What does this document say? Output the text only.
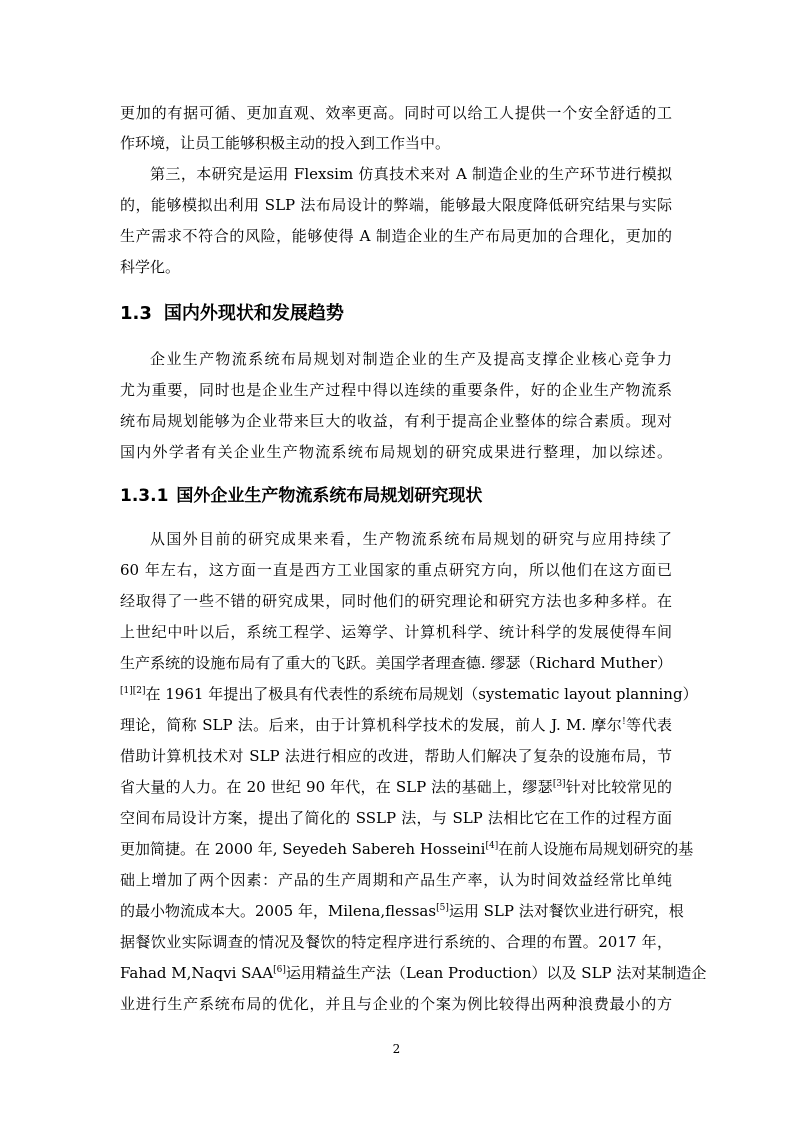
更加的有据可循、更加直观、效率更高。同时可以给工人提供一个安全舒适的工
作环境，让员工能够积极主动的投入到工作当中。
第三，本研究是运用 Flexsim 仿真技术来对 A 制造企业的生产环节进行模拟
的，能够模拟出利用 SLP 法布局设计的弊端，能够最大限度降低研究结果与实际
生产需求不符合的风险，能够使得 A 制造企业的生产布局更加的合理化，更加的
科学化。
1.3 国内外现状和发展趋势
企业生产物流系统布局规划对制造企业的生产及提高支撑企业核心竞争力
尤为重要，同时也是企业生产过程中得以连续的重要条件，好的企业生产物流系
统布局规划能够为企业带来巨大的收益，有利于提高企业整体的综合素质。现对
国内外学者有关企业生产物流系统布局规划的研究成果进行整理，加以综述。
1.3.1 国外企业生产物流系统布局规划研究现状
从国外目前的研究成果来看，生产物流系统布局规划的研究与应用持续了
60 年左右，这方面一直是西方工业国家的重点研究方向，所以他们在这方面已
经取得了一些不错的研究成果，同时他们的研究理论和研究方法也多种多样。在
上世纪中叶以后，系统工程学、运筹学、计算机科学、统计科学的发展使得车间
生产系统的设施布局有了重大的飞跃。美国学者理查德. 缪瑟（Richard Muther）
[1][2]在 1961 年提出了极具有代表性的系统布局规划（systematic layout planning）
理论，简称 SLP 法。后来，由于计算机科学技术的发展，前人 J. M. 摩尔!等代表
借助计算机技术对 SLP 法进行相应的改进，帮助人们解决了复杂的设施布局，节
省大量的人力。在 20 世纪 90 年代，在 SLP 法的基础上，缪瑟[3]针对比较常见的
空间布局设计方案，提出了简化的 SSLP 法，与 SLP 法相比它在工作的过程方面
更加简捷。在 2000 年, Seyedeh Sabereh Hosseini[4]在前人设施布局规划研究的基
础上增加了两个因素：产品的生产周期和产品生产率，认为时间效益经常比单纯
的最小物流成本大。2005 年，Milena,flessas[5]运用 SLP 法对餐饮业进行研究，根
据餐饮业实际调查的情况及餐饮的特定程序进行系统的、合理的布置。2017 年，
Fahad M,Naqvi SAA[6]运用精益生产法（Lean Production）以及 SLP 法对某制造企
业进行生产系统布局的优化，并且与企业的个案为例比较得出两种浪费最小的方
2
